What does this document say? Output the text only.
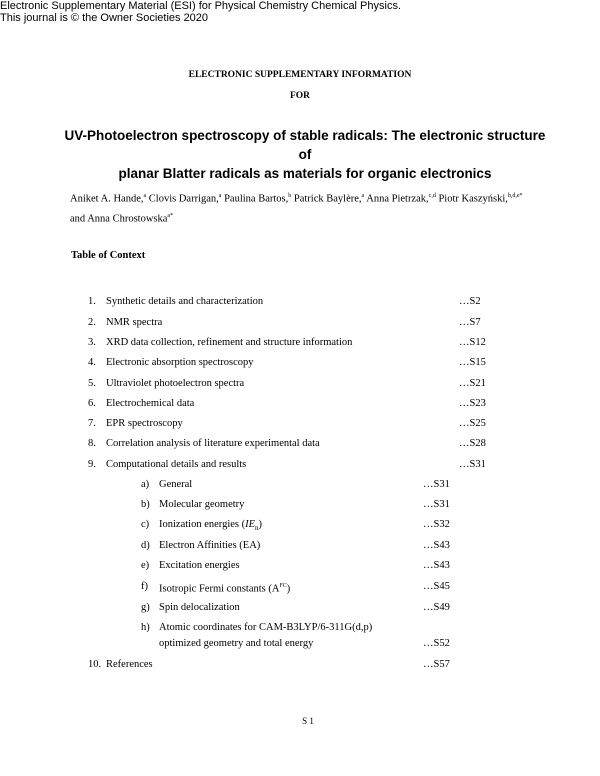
Electronic Supplementary Material (ESI) for Physical Chemistry Chemical Physics.
This journal is © the Owner Societies 2020
ELECTRONIC SUPPLEMENTARY INFORMATION
FOR
UV-Photoelectron spectroscopy of stable radicals: The electronic structure of
planar Blatter radicals as materials for organic electronics
Aniket A. Hande,$^a$ Clovis Darrigan,$^a$ Paulina Bartos,$^b$ Patrick Baylère,$^a$ Anna Pietrzak,$^{c,d}$ Piotr Kaszyński,$^{b,d,e*}$ and Anna Chrostowska$^{a*}$
Table of Context
1. Synthetic details and characterization	…S2
2. NMR spectra	…S7
3. XRD data collection, refinement and structure information	…S12
4. Electronic absorption spectroscopy	…S15
5. Ultraviolet photoelectron spectra	…S21
6. Electrochemical data	…S23
7. EPR spectroscopy	…S25
8. Correlation analysis of literature experimental data	…S28
9. Computational details and results	…S31
a) General	…S31
b) Molecular geometry	…S31
c) Ionization energies $(IE_n)$	…S32
d) Electron Affinities (EA)	…S43
e) Excitation energies	…S43
f) Isotropic Fermi constants $(A^{FC})$	…S45
g) Spin delocalization	…S49
h) Atomic coordinates for CAM-B3LYP/6-311G(d,p)
optimized geometry and total energy	…S52
10. References	…S57
S 1
